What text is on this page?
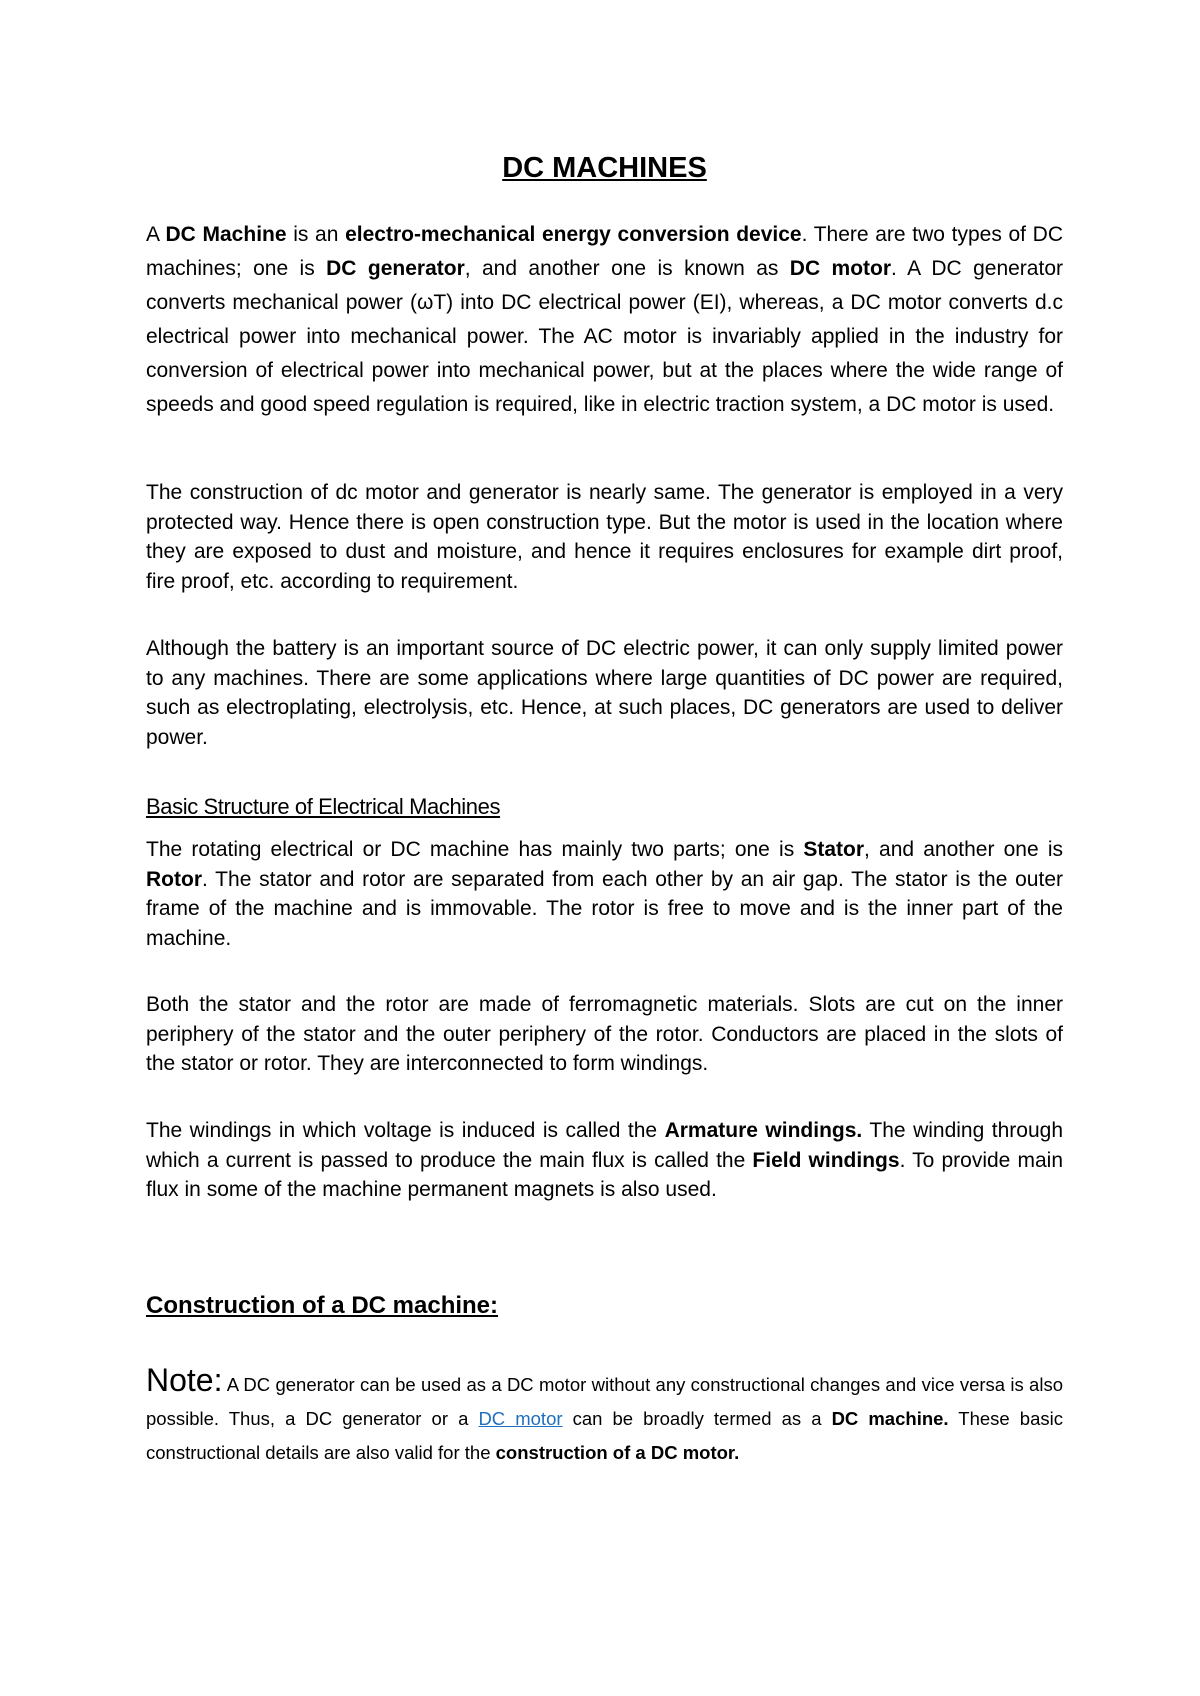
DC MACHINES

A DC Machine is an electro-mechanical energy conversion device. There are two types of DC machines; one is DC generator, and another one is known as DC motor. A DC generator converts mechanical power (ωT) into DC electrical power (EI), whereas, a DC motor converts d.c electrical power into mechanical power. The AC motor is invariably applied in the industry for conversion of electrical power into mechanical power, but at the places where the wide range of speeds and good speed regulation is required, like in electric traction system, a DC motor is used.

The construction of dc motor and generator is nearly same. The generator is employed in a very protected way. Hence there is open construction type. But the motor is used in the location where they are exposed to dust and moisture, and hence it requires enclosures for example dirt proof, fire proof, etc. according to requirement.

Although the battery is an important source of DC electric power, it can only supply limited power to any machines. There are some applications where large quantities of DC power are required, such as electroplating, electrolysis, etc. Hence, at such places, DC generators are used to deliver power.

Basic Structure of Electrical Machines

The rotating electrical or DC machine has mainly two parts; one is Stator, and another one is Rotor. The stator and rotor are separated from each other by an air gap. The stator is the outer frame of the machine and is immovable. The rotor is free to move and is the inner part of the machine.

Both the stator and the rotor are made of ferromagnetic materials. Slots are cut on the inner periphery of the stator and the outer periphery of the rotor. Conductors are placed in the slots of the stator or rotor. They are interconnected to form windings.

The windings in which voltage is induced is called the Armature windings. The winding through which a current is passed to produce the main flux is called the Field windings. To provide main flux in some of the machine permanent magnets is also used.

Construction of a DC machine:

Note: A DC generator can be used as a DC motor without any constructional changes and vice versa is also possible. Thus, a DC generator or a DC motor can be broadly termed as a DC machine. These basic constructional details are also valid for the construction of a DC motor.
